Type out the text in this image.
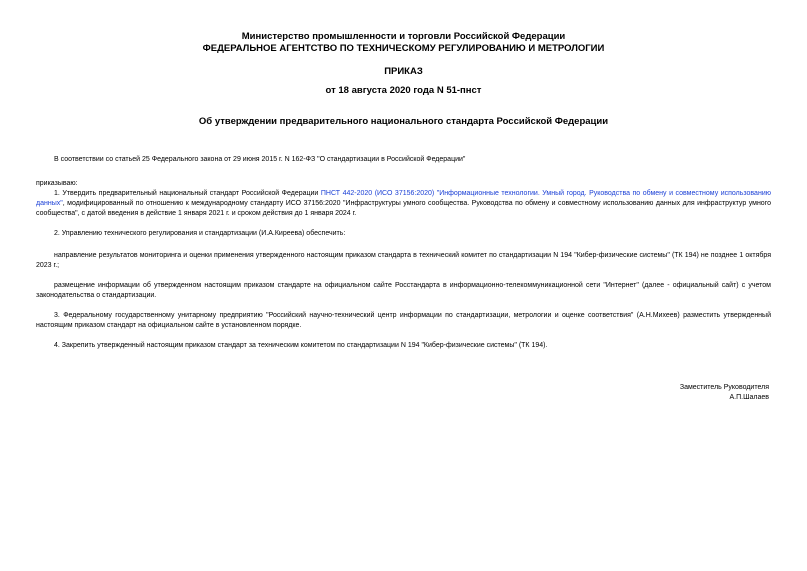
Министерство промышленности и торговли Российской Федерации
ФЕДЕРАЛЬНОЕ АГЕНТСТВО ПО ТЕХНИЧЕСКОМУ РЕГУЛИРОВАНИЮ И МЕТРОЛОГИИ
ПРИКАЗ
от 18 августа 2020 года N 51-пнст
Об утверждении предварительного национального стандарта Российской Федерации
В соответствии со статьей 25 Федерального закона от 29 июня 2015 г. N 162-ФЗ "О стандартизации в Российской Федерации"
приказываю:
1. Утвердить предварительный национальный стандарт Российской Федерации ПНСТ 442-2020 (ИСО 37156:2020) "Информационные технологии. Умный город. Руководства по обмену и совместному использованию данных", модифицированный по отношению к международному стандарту ИСО 37156:2020 "Инфраструктуры умного сообщества. Руководства по обмену и совместному использованию данных для инфраструктур умного сообщества", с датой введения в действие 1 января 2021 г. и сроком действия до 1 января 2024 г.
2. Управлению технического регулирования и стандартизации (И.А.Киреева) обеспечить:
направление результатов мониторинга и оценки применения утвержденного настоящим приказом стандарта в технический комитет по стандартизации N 194 "Кибер-физические системы" (ТК 194) не позднее 1 октября 2023 г.;
размещение информации об утвержденном настоящим приказом стандарте на официальном сайте Росстандарта в информационно-телекоммуникационной сети "Интернет" (далее - официальный сайт) с учетом законодательства о стандартизации.
3. Федеральному государственному унитарному предприятию "Российский научно-технический центр информации по стандартизации, метрологии и оценке соответствия" (А.Н.Михеев) разместить утвержденный настоящим приказом стандарт на официальном сайте в установленном порядке.
4. Закрепить утвержденный настоящим приказом стандарт за техническим комитетом по стандартизации N 194 "Кибер-физические системы" (ТК 194).
Заместитель Руководителя
А.П.Шалаев
